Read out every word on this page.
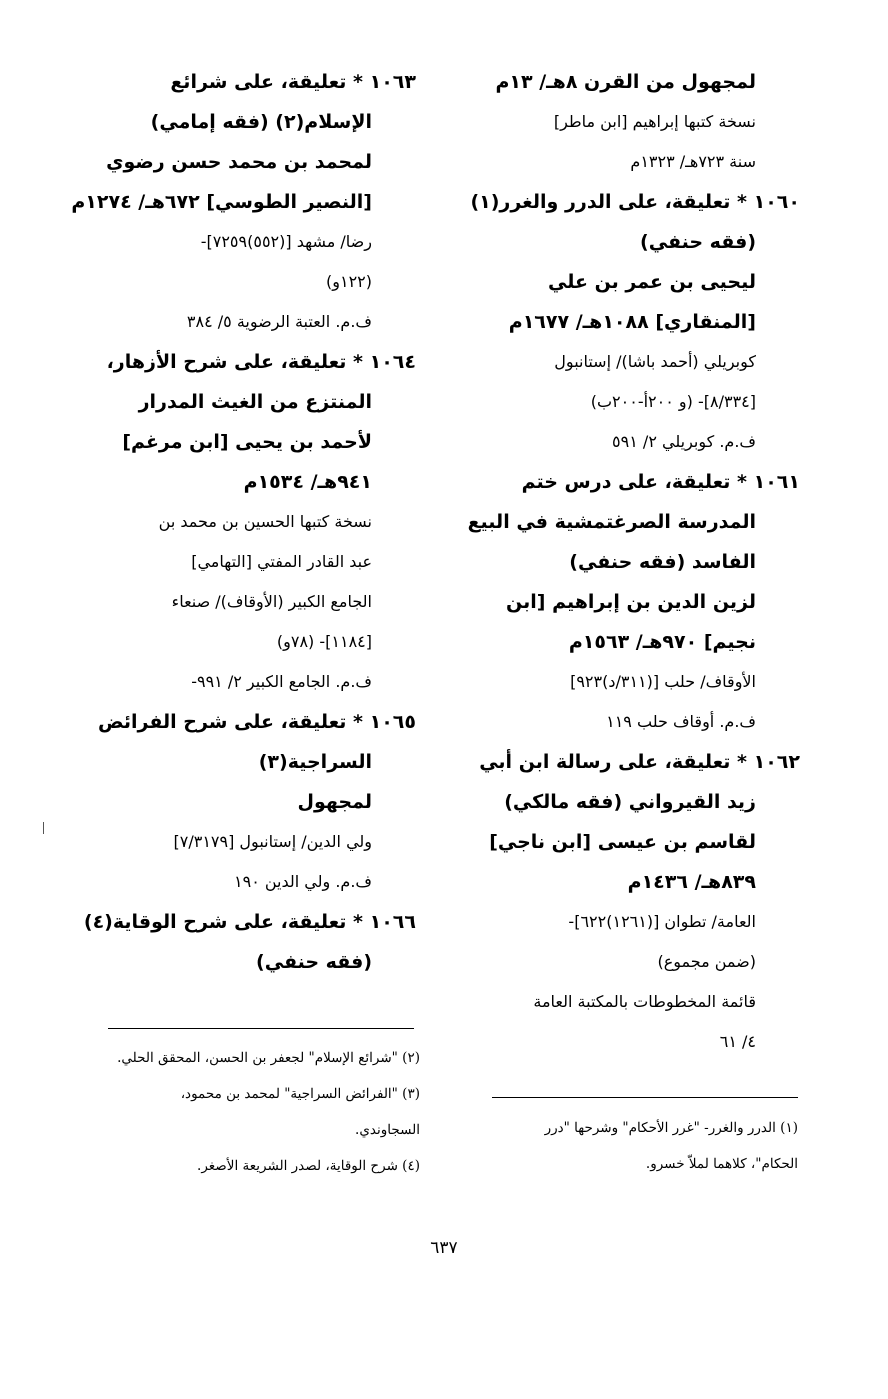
لمجهول من القرن ٨هـ/ ١٣م
نسخة كتبها إبراهيم [ابن ماطر]
سنة ٧٢٣هـ/ ١٣٢٣م
١٠٦٠ * تعليقة، على الدرر والغرر(١)
(فقه حنفي)
ليحيى بن عمر بن علي
[المنقاري] ١٠٨٨هـ/ ١٦٧٧م
كوبريلي (أحمد باشا)/ إستانبول
[٨/٣٣٤]- (و ٢٠٠أ-٢٠٠ب)
ف.م. كوبريلي ٢/ ٥٩١
١٠٦١ * تعليقة، على درس ختم
المدرسة الصرغتمشية في البيع
الفاسد (فقه حنفي)
لزين الدين بن إبراهيم [ابن
نجيم] ٩٧٠هـ/ ١٥٦٣م
الأوقاف/ حلب [(٣١١/د)٩٢٣]
ف.م. أوقاف حلب ١١٩
١٠٦٢ * تعليقة، على رسالة ابن أبي
زيد القيرواني (فقه مالكي)
لقاسم بن عيسى [ابن ناجي]
٨٣٩هـ/ ١٤٣٦م
العامة/ تطوان [(١٢٦١)٦٢٢]-
(ضمن مجموع)
قائمة المخطوطات بالمكتبة العامة
٤/ ٦١
١٠٦٣ * تعليقة، على شرائع
الإسلام(٢) (فقه إمامي)
لمحمد بن محمد حسن رضوي
[النصير الطوسي] ٦٧٢هـ/ ١٢٧٤م
رضا/ مشهد [(٥٥٢)٧٢٥٩]-
(١٢٢و)
ف.م. العتبة الرضوية ٥/ ٣٨٤
١٠٦٤ * تعليقة، على شرح الأزهار،
المنتزع من الغيث المدرار
لأحمد بن يحيى [ابن مرغم]
٩٤١هـ/ ١٥٣٤م
نسخة كتبها الحسين بن محمد بن
عبد القادر المفتي [التهامي]
الجامع الكبير (الأوقاف)/ صنعاء
[١١٨٤]- (٧٨و)
ف.م. الجامع الكبير ٢/ ٩٩١-
١٠٦٥ * تعليقة، على شرح الفرائض
السراجية(٣)
لمجهول
ولي الدين/ إستانبول [٧/٣١٧٩]
ف.م. ولي الدين ١٩٠
١٠٦٦ * تعليقة، على شرح الوقاية(٤)
(فقه حنفي)
(١) الدرر والغرر- "غرر الأحكام" وشرحها "درر
الحكام"، كلاهما لملاّ خسرو.
(٢) "شرائع الإسلام" لجعفر بن الحسن، المحقق الحلي.
(٣) "الفرائض السراجية" لمحمد بن محمود،
السجاوندي.
(٤) شرح الوقاية، لصدر الشريعة الأصغر.
٦٣٧
